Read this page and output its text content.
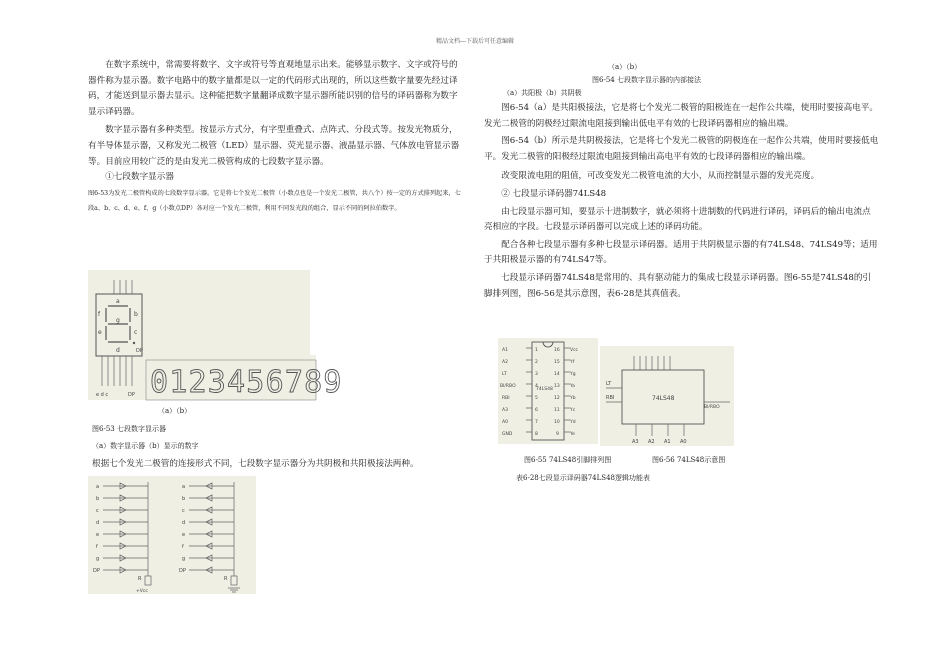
精品文档---下载后可任意编辑

在数字系统中，常需要将数字、文字或符号等直观地显示出来。能够显示数字、文字或符号的器件称为显示器。数字电路中的数字量都是以一定的代码形式出现的，所以这些数字量要先经过译码，才能送到显示器去显示。这种能把数字量翻译成数字显示器所能识别的信号的译码器称为数字显示译码器。

数字显示器有多种类型。按显示方式分，有字型重叠式、点阵式、分段式等。按发光物质分，有半导体显示器，又称发光二极管（LED）显示器、荧光显示器、液晶显示器、气体放电管显示器等。目前应用较广泛的是由发光二极管构成的七段数字显示器。

①七段数字显示器

图6-53为发光二极管构成的七段数字显示器。它是将七个发光二极管（小数点也是一个发光二极管，共八个）按一定的方式排列起来，七段a、b、c、d、e、f、g（小数点DP）各对应一个发光二极管，利用不同发光段的组合，显示不同的阿拉伯数字。

a
b
c
d
e
f
g
DP
e d c	DP 0123456789
（a）（b）
图6-53 七段数字显示器
（a）数字显示器（b）显示的数字
根据七个发光二极管的连接形式不同，七段数字显示器分为共阴极和共阳极接法两种。
a
b
c
d
e
f
g
DP
R
+Vcc
a
b
c
d
e
f
g
DP
R
（a）（b）
图6-54 七段数字显示器的内部接法
（a）共阳极（b）共阴极

图6-54（a）是共阳极接法，它是将七个发光二极管的阳极连在一起作公共端，使用时要接高电平。发光二极管的阴极经过限流电阻接到输出低电平有效的七段译码器相应的输出端。

图6-54（b）所示是共阴极接法，它是将七个发光二极管的阴极连在一起作公共端，使用时要接低电平。发光二极管的阳极经过限流电阻接到输出高电平有效的七段译码器相应的输出端。

改变限流电阻的阻值，可改变发光二极管电流的大小，从而控制显示器的发光亮度。

② 七段显示译码器74LS48

由七段显示器可知，要显示十进制数字，就必须将十进制数的代码进行译码，译码后的输出电流点亮相应的字段。七段显示译码器可以完成上述的译码功能。

配合各种七段显示器有多种七段显示译码器。适用于共阴极显示器的有74LS48、74LS49等；适用于共阳极显示器的有74LS47等。

七段显示译码器74LS48是常用的、具有驱动能力的集成七段显示译码器。图6-55是74LS48的引脚排列图，图6-56是其示意图，表6-28是其真值表。

74LS48
A1
A2
LT
BI/RBO
RBI
A3
A0
GND
1
2
3
4
5
6
7
8
16
15
14
13
12
11
10
9
Vcc
Yf
Yg
Ya
Yb
Yc
Yd
Ye
74LS48
LT
RBI
BI/RBO
A3 A2 A1 A0
图6-55 74LS48引脚排列图	图6-56 74LS48示意图
表6-28七段显示译码器74LS48逻辑功能表
